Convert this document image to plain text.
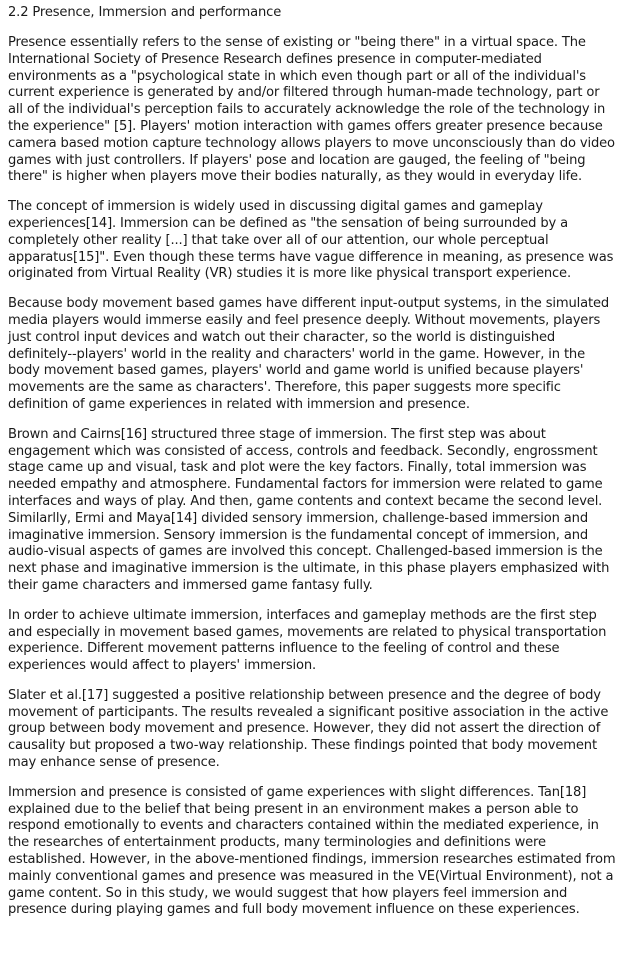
2.2 Presence, Immersion and performance

Presence essentially refers to the sense of existing or "being there" in a virtual space. The International Society of Presence Research defines presence in computer-mediated environments as a "psychological state in which even though part or all of the individual's current experience is generated by and/or filtered through human-made technology, part or all of the individual's perception fails to accurately acknowledge the role of the technology in the experience" [5]. Players' motion interaction with games offers greater presence because camera based motion capture technology allows players to move unconsciously than do video games with just controllers. If players' pose and location are gauged, the feeling of "being there" is higher when players move their bodies naturally, as they would in everyday life.

The concept of immersion is widely used in discussing digital games and gameplay experiences[14]. Immersion can be defined as "the sensation of being surrounded by a completely other reality [...] that take over all of our attention, our whole perceptual apparatus[15]". Even though these terms have vague difference in meaning, as presence was originated from Virtual Reality (VR) studies it is more like physical transport experience.

Because body movement based games have different input-output systems, in the simulated media players would immerse easily and feel presence deeply. Without movements, players just control input devices and watch out their character, so the world is distinguished definitely--players' world in the reality and characters' world in the game. However, in the body movement based games, players' world and game world is unified because players' movements are the same as characters'. Therefore, this paper suggests more specific definition of game experiences in related with immersion and presence.

Brown and Cairns[16] structured three stage of immersion. The first step was about engagement which was consisted of access, controls and feedback. Secondly, engrossment stage came up and visual, task and plot were the key factors. Finally, total immersion was needed empathy and atmosphere. Fundamental factors for immersion were related to game interfaces and ways of play. And then, game contents and context became the second level. Similarlly, Ermi and Maya[14] divided sensory immersion, challenge-based immersion and imaginative immersion. Sensory immersion is the fundamental concept of immersion, and audio-visual aspects of games are involved this concept. Challenged-based immersion is the next phase and imaginative immersion is the ultimate, in this phase players emphasized with their game characters and immersed game fantasy fully.

In order to achieve ultimate immersion, interfaces and gameplay methods are the first step and especially in movement based games, movements are related to physical transportation experience. Different movement patterns influence to the feeling of control and these experiences would affect to players' immersion.

Slater et al.[17] suggested a positive relationship between presence and the degree of body movement of participants. The results revealed a significant positive association in the active group between body movement and presence. However, they did not assert the direction of causality but proposed a two-way relationship. These findings pointed that body movement may enhance sense of presence.

Immersion and presence is consisted of game experiences with slight differences. Tan[18] explained due to the belief that being present in an environment makes a person able to respond emotionally to events and characters contained within the mediated experience, in the researches of entertainment products, many terminologies and definitions were established. However, in the above-mentioned findings, immersion researches estimated from mainly conventional games and presence was measured in the VE(Virtual Environment), not a game content. So in this study, we would suggest that how players feel immersion and presence during playing games and full body movement influence on these experiences.
